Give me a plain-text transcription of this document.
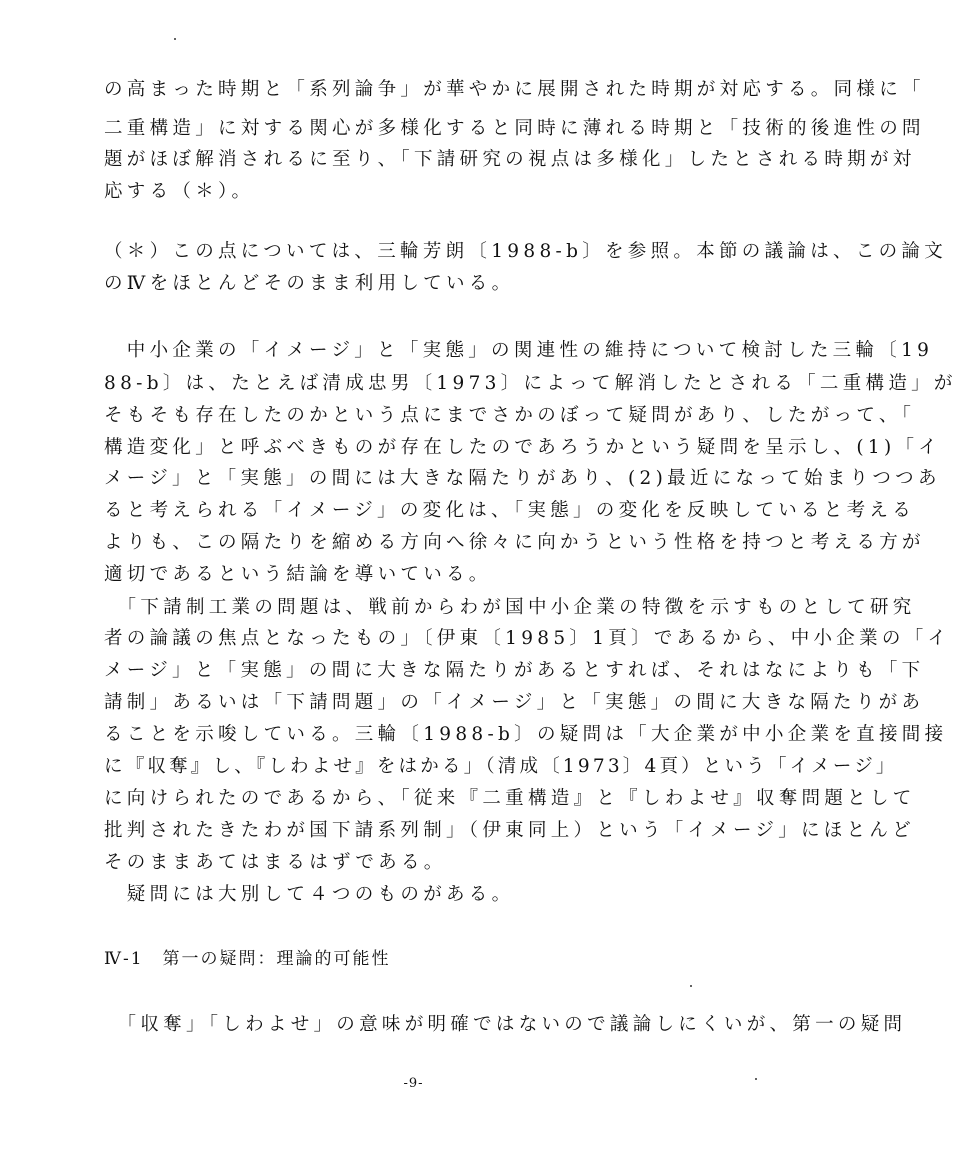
の高まった時期と「系列論争」が華やかに展開された時期が対応する。同様に「
二重構造」に対する関心が多様化すると同時に薄れる時期と「技術的後進性の問
題がほぼ解消されるに至り、「下請研究の視点は多様化」したとされる時期が対
応する（＊）。
（＊）この点については、三輪芳朗〔1988-b〕を参照。本節の議論は、この論文
のⅣをほとんどそのまま利用している。
　中小企業の「イメージ」と「実態」の関連性の維持について検討した三輪〔19
88-b〕は、たとえば清成忠男〔1973〕によって解消したとされる「二重構造」が
そもそも存在したのかという点にまでさかのぼって疑問があり、したがって、「
構造変化」と呼ぶべきものが存在したのであろうかという疑問を呈示し、(1)「イ
メージ」と「実態」の間には大きな隔たりがあり、(2)最近になって始まりつつあ
ると考えられる「イメージ」の変化は、「実態」の変化を反映していると考える
よりも、この隔たりを縮める方向へ徐々に向かうという性格を持つと考える方が
適切であるという結論を導いている。
　「下請制工業の問題は、戦前からわが国中小企業の特徴を示すものとして研究
者の論議の焦点となったもの」〔伊東〔1985〕1頁〕であるから、中小企業の「イ
メージ」と「実態」の間に大きな隔たりがあるとすれば、それはなによりも「下
請制」あるいは「下請問題」の「イメージ」と「実態」の間に大きな隔たりがあ
ることを示唆している。三輪〔1988-b〕の疑問は「大企業が中小企業を直接間接
に『収奪』し、『しわよせ』をはかる」（清成〔1973〕4頁）という「イメージ」
に向けられたのであるから、「従来『二重構造』と『しわよせ』収奪問題として
批判されたきたわが国下請系列制」（伊東同上）という「イメージ」にほとんど
そのままあてはまるはずである。
　疑問には大別して４つのものがある。
Ⅳ-1　第一の疑問：理論的可能性
　「収奪」「しわよせ」の意味が明確ではないので議論しにくいが、第一の疑問
-9-
